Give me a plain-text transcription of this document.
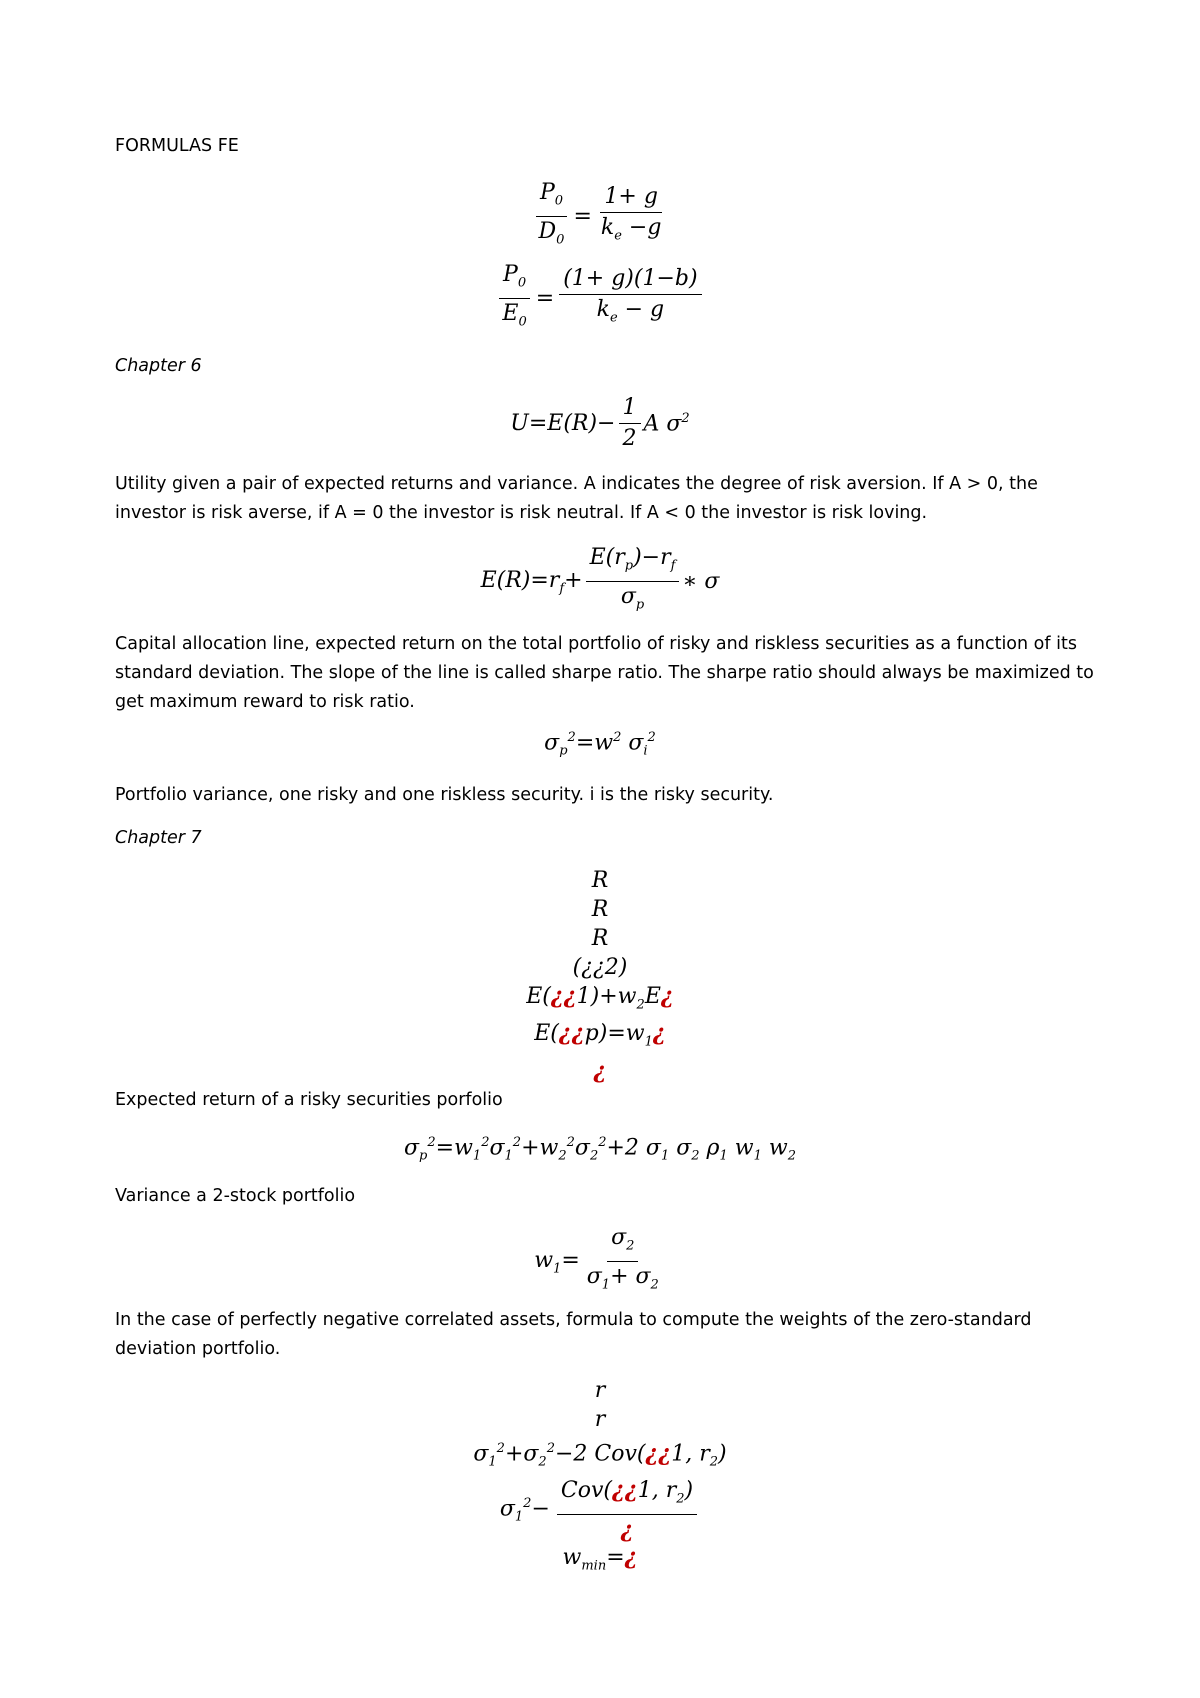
FORMULAS FE
$\frac{P_0}{D_0} = \frac{1+ g}{k_e -g}$
$\frac{P_0}{E_0} = \frac{(1+ g)(1-b)}{k_e - g}$
Chapter 6
$U=E(R)- \frac{1}{2}$ A $\sigma^2$
Utility given a pair of expected returns and variance. A indicates the degree of risk aversion. If A > 0, the investor is risk averse, if A = 0 the investor is risk neutral. If A < 0 the investor is risk loving.
$E(R)=r_f+ \frac{E(r_p)-r_f}{\sigma_p}$ ∗ σ
Capital allocation line, expected return on the total portfolio of risky and riskless securities as a function of its standard deviation. The slope of the line is called sharpe ratio. The sharpe ratio should always be maximized to get maximum reward to risk ratio.
$\sigma_p^2=w^2$ $\sigma_i^2$
Portfolio variance, one risky and one riskless security. i is the risky security.
Chapter 7
R
R
R
(¿¿2)
$E(¿¿1)+w_2E¿$
$E(¿¿p)=w_1¿$
¿
Expected return of a risky securities porfolio
$\sigma_p^2=w_1^2\sigma_1^2+w_2^2\sigma_2^2+2$ $\sigma_1$ $\sigma_2$ $\rho_1$ $w_1$ $w_2$
Variance a 2-stock portfolio
$w_1= \frac{\sigma_2}{\sigma_1+ \sigma_2}$
In the case of perfectly negative correlated assets, formula to compute the weights of the zero-standard deviation portfolio.
r
r
$\sigma_1^2+\sigma_2^2-2$ Cov(¿¿1, $r_2$)
$\sigma_1^2- \frac{Cov(¿¿1, r_2)}{¿}$
$w_{min}=¿$
